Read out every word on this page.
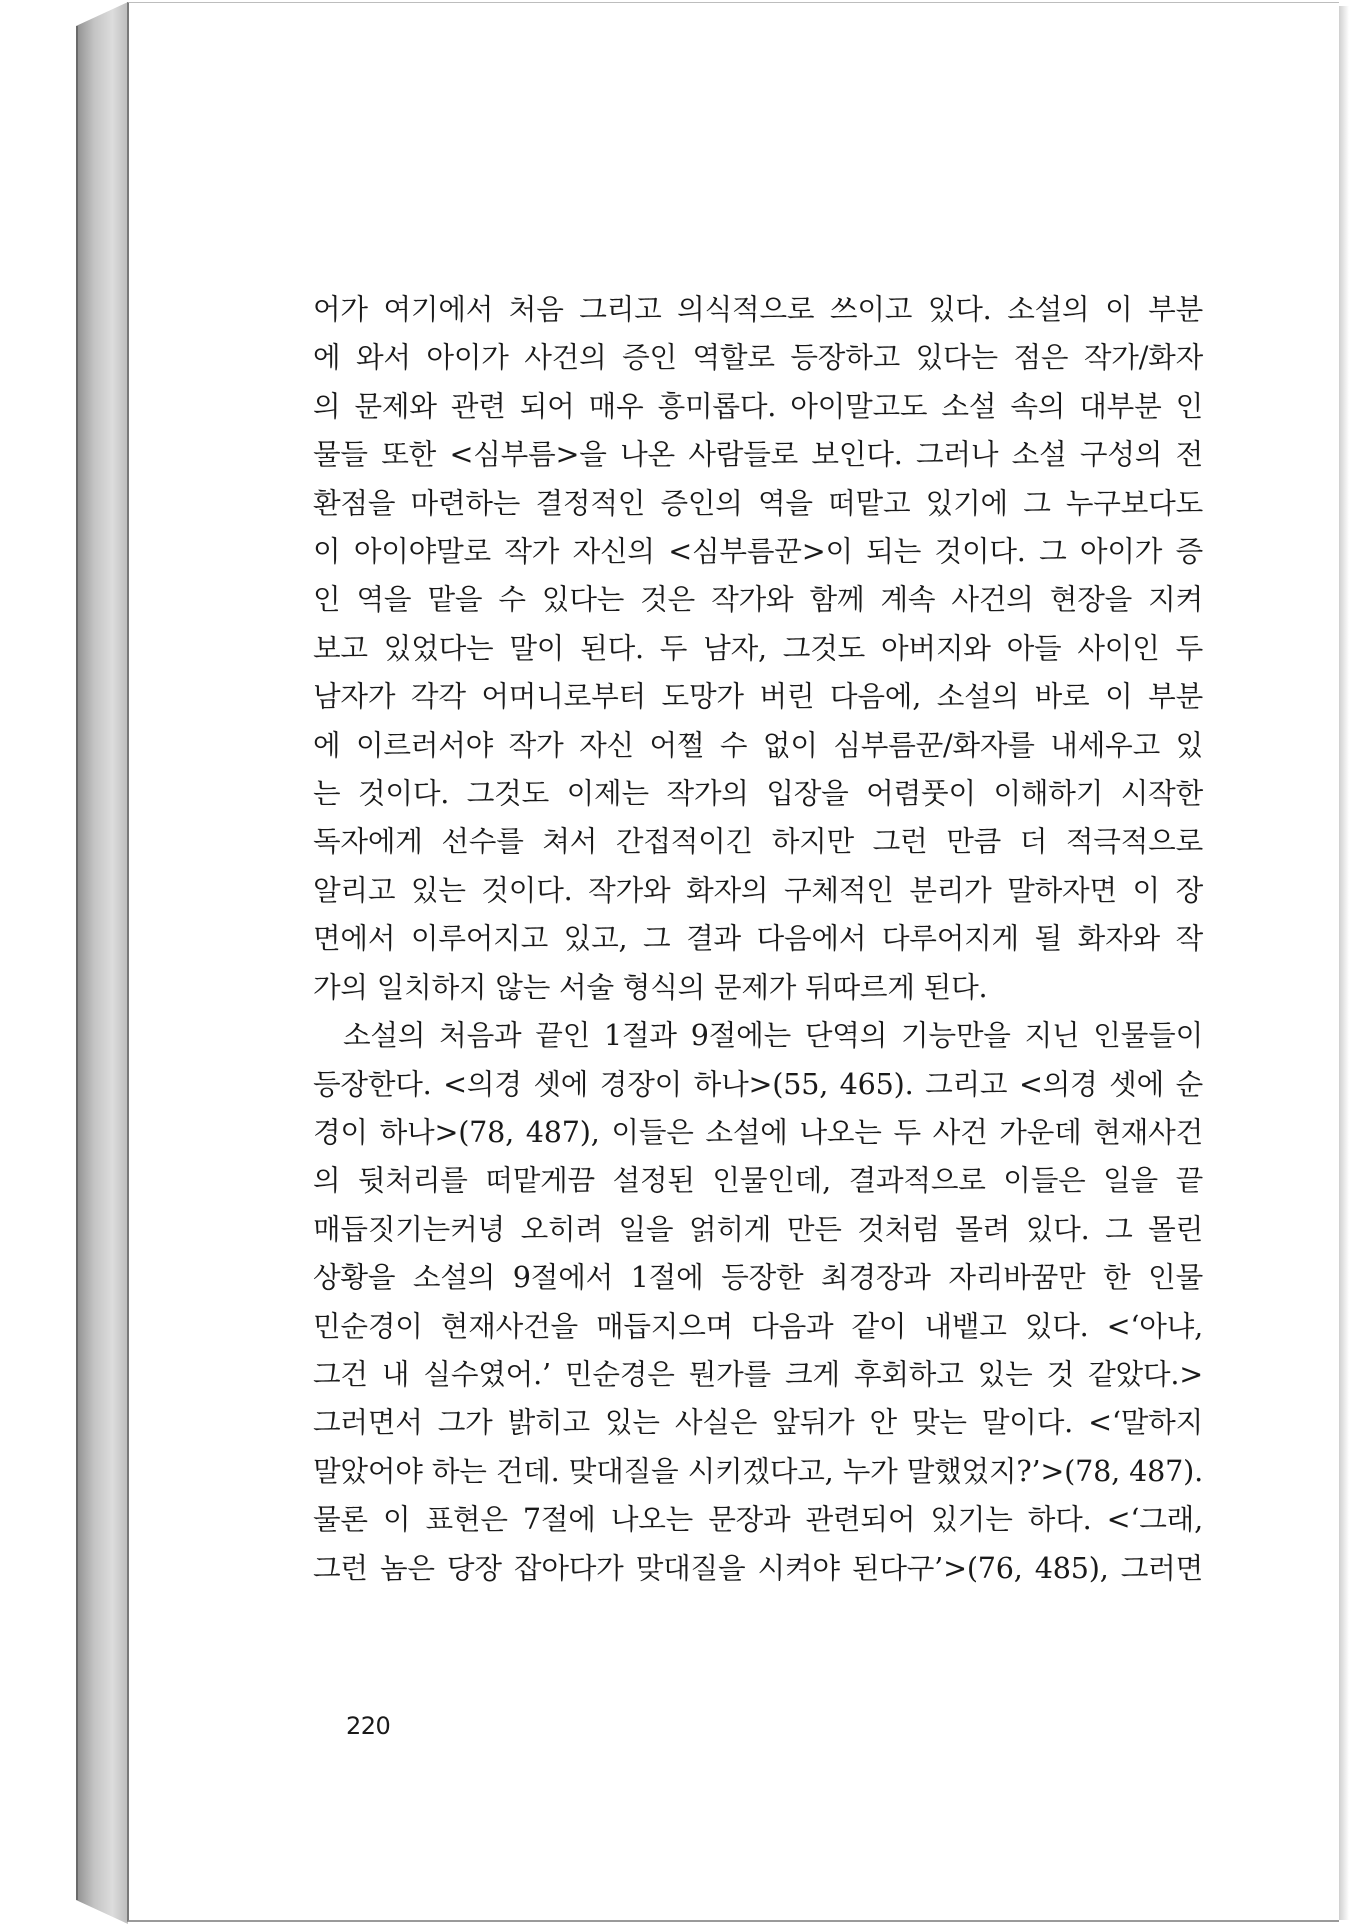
어가 여기에서 처음 그리고 의식적으로 쓰이고 있다. 소설의 이 부분
에 와서 아이가 사건의 증인 역할로 등장하고 있다는 점은 작가/화자
의 문제와 관련 되어 매우 흥미롭다. 아이말고도 소설 속의 대부분 인
물들 또한 <심부름>을 나온 사람들로 보인다. 그러나 소설 구성의 전
환점을 마련하는 결정적인 증인의 역을 떠맡고 있기에 그 누구보다도
이 아이야말로 작가 자신의 <심부름꾼>이 되는 것이다. 그 아이가 증
인 역을 맡을 수 있다는 것은 작가와 함께 계속 사건의 현장을 지켜
보고 있었다는 말이 된다. 두 남자, 그것도 아버지와 아들 사이인 두
남자가 각각 어머니로부터 도망가 버린 다음에, 소설의 바로 이 부분
에 이르러서야 작가 자신 어쩔 수 없이 심부름꾼/화자를 내세우고 있
는 것이다. 그것도 이제는 작가의 입장을 어렴풋이 이해하기 시작한
독자에게 선수를 쳐서 간접적이긴 하지만 그런 만큼 더 적극적으로
알리고 있는 것이다. 작가와 화자의 구체적인 분리가 말하자면 이 장
면에서 이루어지고 있고, 그 결과 다음에서 다루어지게 될 화자와 작
가의 일치하지 않는 서술 형식의 문제가 뒤따르게 된다.
소설의 처음과 끝인 1절과 9절에는 단역의 기능만을 지닌 인물들이
등장한다. <의경 셋에 경장이 하나>(55, 465). 그리고 <의경 셋에 순
경이 하나>(78, 487), 이들은 소설에 나오는 두 사건 가운데 현재사건
의 뒷처리를 떠맡게끔 설정된 인물인데, 결과적으로 이들은 일을 끝
매듭짓기는커녕 오히려 일을 얽히게 만든 것처럼 몰려 있다. 그 몰린
상황을 소설의 9절에서 1절에 등장한 최경장과 자리바꿈만 한 인물
민순경이 현재사건을 매듭지으며 다음과 같이 내뱉고 있다. <‘아냐,
그건 내 실수였어.’ 민순경은 뭔가를 크게 후회하고 있는 것 같았다.>
그러면서 그가 밝히고 있는 사실은 앞뒤가 안 맞는 말이다. <‘말하지
말았어야 하는 건데. 맞대질을 시키겠다고, 누가 말했었지?’>(78, 487).
물론 이 표현은 7절에 나오는 문장과 관련되어 있기는 하다. <‘그래,
그런 놈은 당장 잡아다가 맞대질을 시켜야 된다구’>(76, 485), 그러면
220
